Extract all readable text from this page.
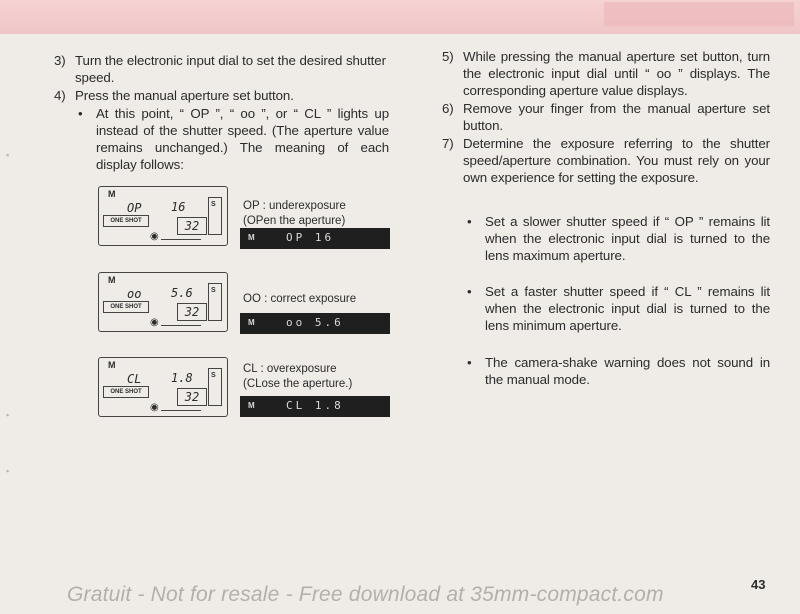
3) Turn the electronic input dial to set the desired shutter speed.
4) Press the manual aperture set button.
• At this point, “ OP ”, “ oo ”, or “ CL ” lights up instead of the shutter speed. (The aperture value remains unchanged.) The meaning of each display follows:
M
OP 16
ONE SHOT	32
S
◉
OP : underexposure
(OPen the aperture)
M	OP 16
M
oo 5.6
ONE SHOT	32
S
◉
OO : correct exposure
M	oo 5.6
M
CL 1.8
ONE SHOT	32
S
◉
CL : overexposure
(CLose the aperture.)
M	CL 1.8
5) While pressing the manual aperture set button, turn the electronic input dial until “ oo ” displays. The corresponding aperture value displays.
6) Remove your finger from the manual aperture set button.
7) Determine the exposure referring to the shutter speed/aperture combination. You must rely on your own experience for setting the exposure.
• Set a slower shutter speed if “ OP ” remains lit when the electronic input dial is turned to the lens maximum aperture.
• Set a faster shutter speed if “ CL ” remains lit when the electronic input dial is turned to the lens minimum aperture.
• The camera-shake warning does not sound in the manual mode.
▪
▪
▪
Gratuit - Not for resale - Free download at 35mm-compact.com	43
